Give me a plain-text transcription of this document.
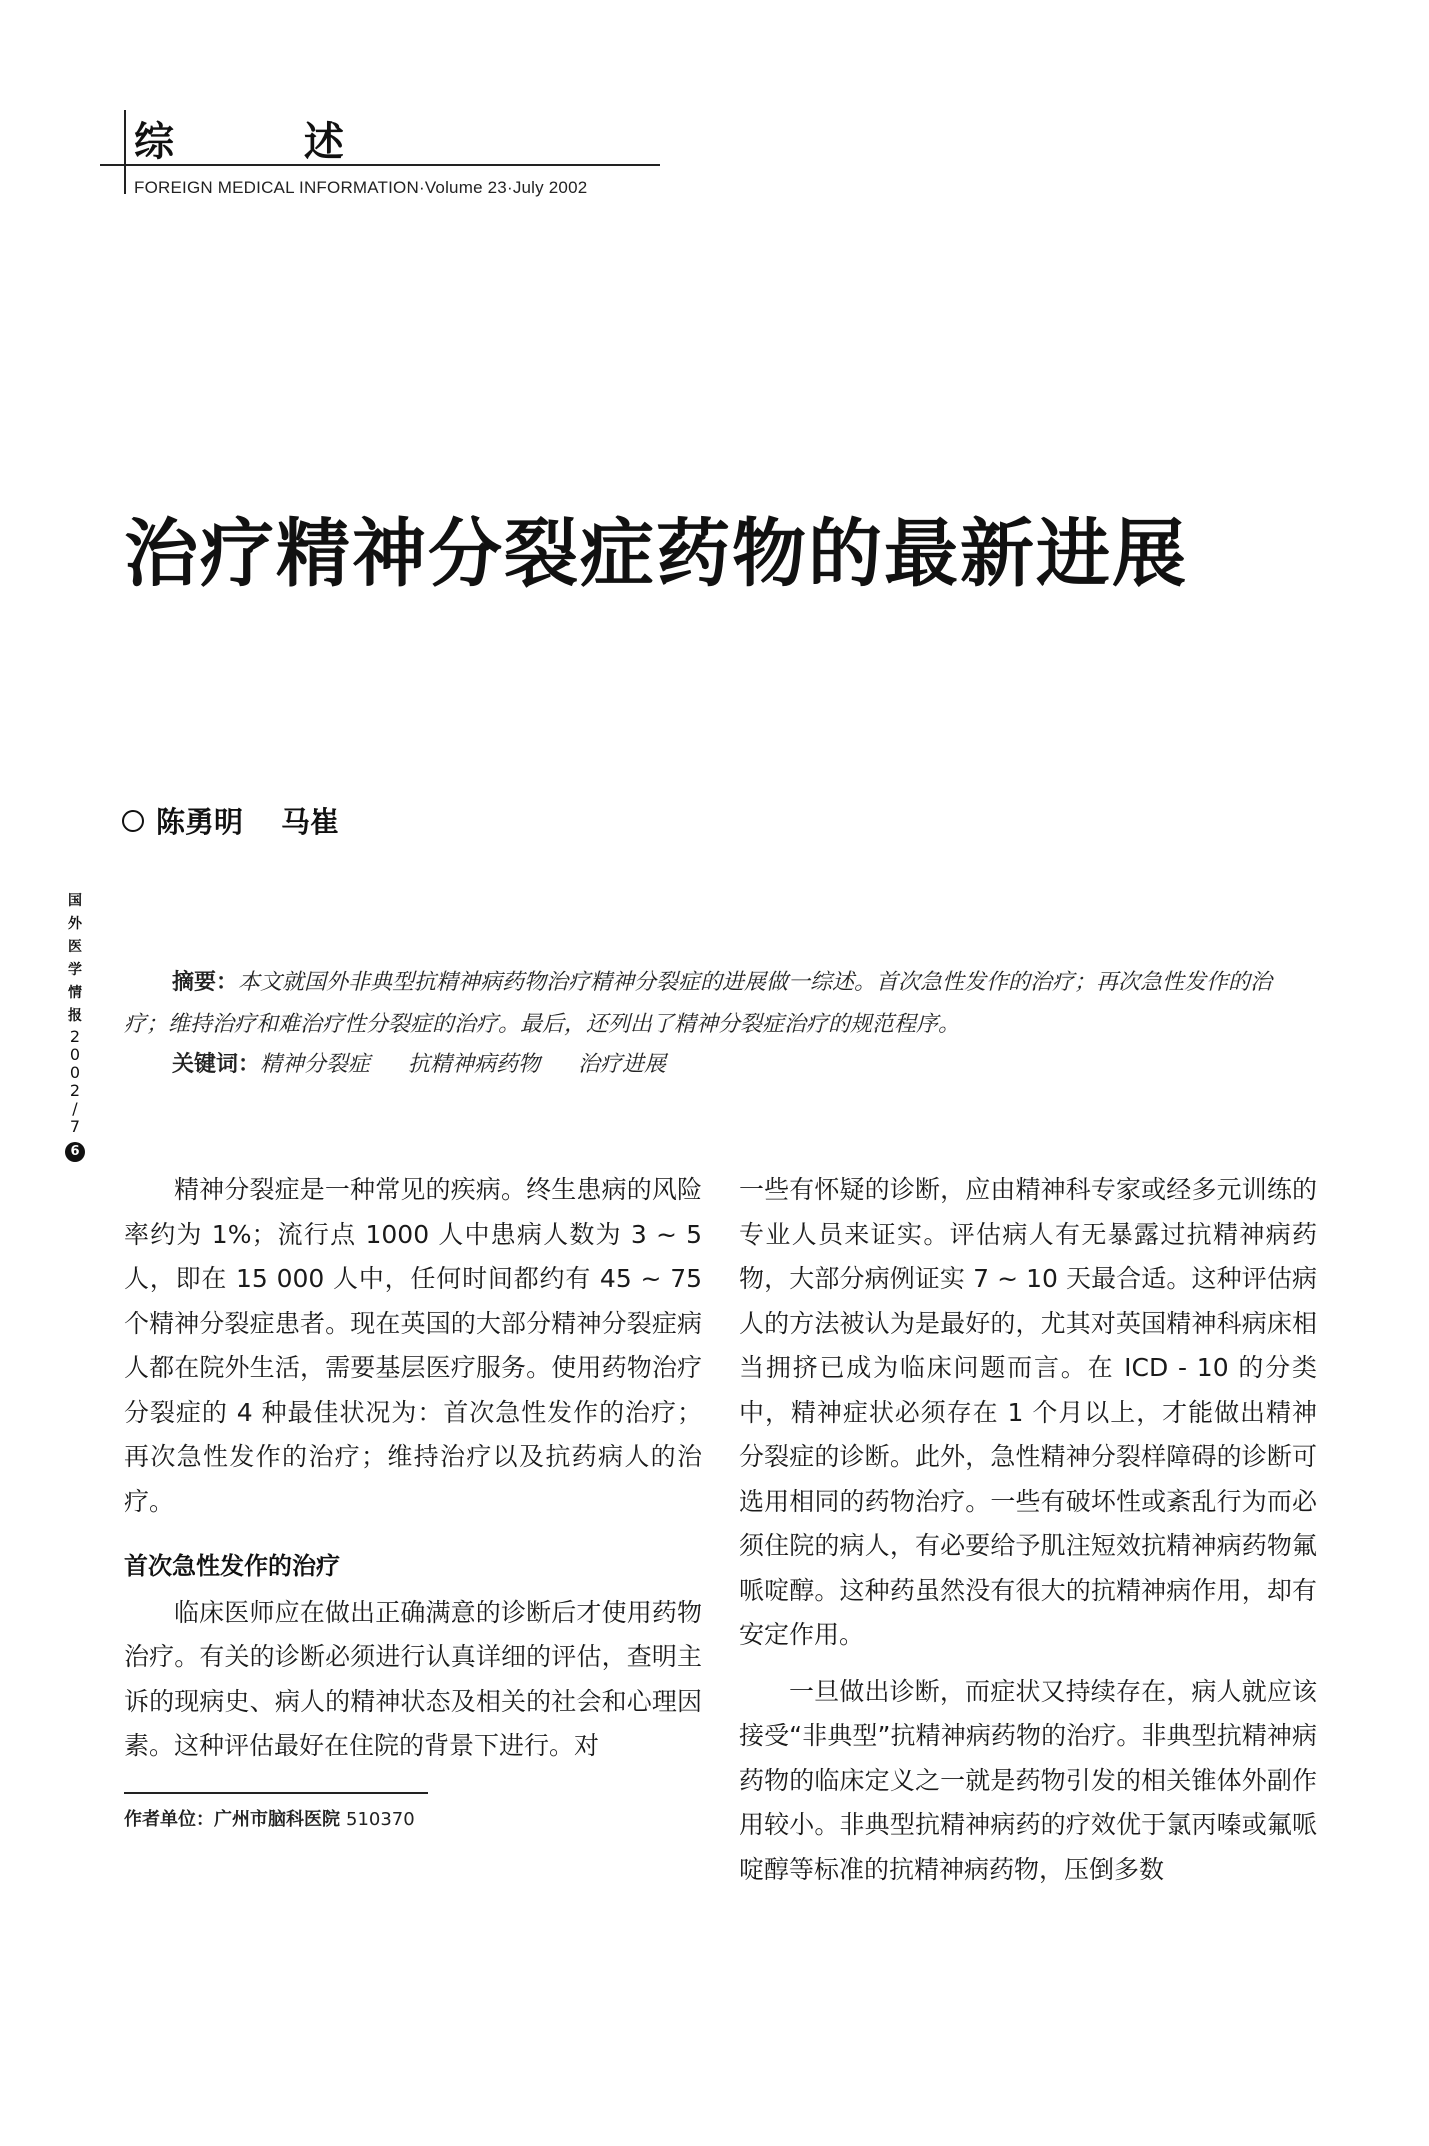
综 述
FOREIGN MEDICAL INFORMATION·Volume 23·July 2002
治疗精神分裂症药物的最新进展
陈勇明 马崔
国
外
医
学
情
报
2
0
0
2
/
7
6
摘要：本文就国外非典型抗精神病药物治疗精神分裂症的进展做一综述。首次急性发作的治疗；再次急性发作的治疗；维持治疗和难治疗性分裂症的治疗。最后，还列出了精神分裂症治疗的规范程序。
关键词： 精神分裂症 抗精神病药物 治疗进展

精神分裂症是一种常见的疾病。终生患病的风险率约为 1%；流行点 1000 人中患病人数为 3 ~ 5 人，即在 15 000 人中，任何时间都约有 45 ~ 75 个精神分裂症患者。现在英国的大部分精神分裂症病人都在院外生活，需要基层医疗服务。使用药物治疗分裂症的 4 种最佳状况为：首次急性发作的治疗；再次急性发作的治疗；维持治疗以及抗药病人的治疗。

首次急性发作的治疗

临床医师应在做出正确满意的诊断后才使用药物治疗。有关的诊断必须进行认真详细的评估，查明主诉的现病史、病人的精神状态及相关的社会和心理因素。这种评估最好在住院的背景下进行。对

一些有怀疑的诊断，应由精神科专家或经多元训练的专业人员来证实。评估病人有无暴露过抗精神病药物，大部分病例证实 7 ~ 10 天最合适。这种评估病人的方法被认为是最好的，尤其对英国精神科病床相当拥挤已成为临床问题而言。在 ICD - 10 的分类中，精神症状必须存在 1 个月以上，才能做出精神分裂症的诊断。此外，急性精神分裂样障碍的诊断可选用相同的药物治疗。一些有破坏性或紊乱行为而必须住院的病人，有必要给予肌注短效抗精神病药物氟哌啶醇。这种药虽然没有很大的抗精神病作用，却有安定作用。

一旦做出诊断，而症状又持续存在，病人就应该接受“非典型”抗精神病药物的治疗。非典型抗精神病药物的临床定义之一就是药物引发的相关锥体外副作用较小。非典型抗精神病药的疗效优于氯丙嗪或氟哌啶醇等标准的抗精神病药物，压倒多数

作者单位：广州市脑科医院 510370
